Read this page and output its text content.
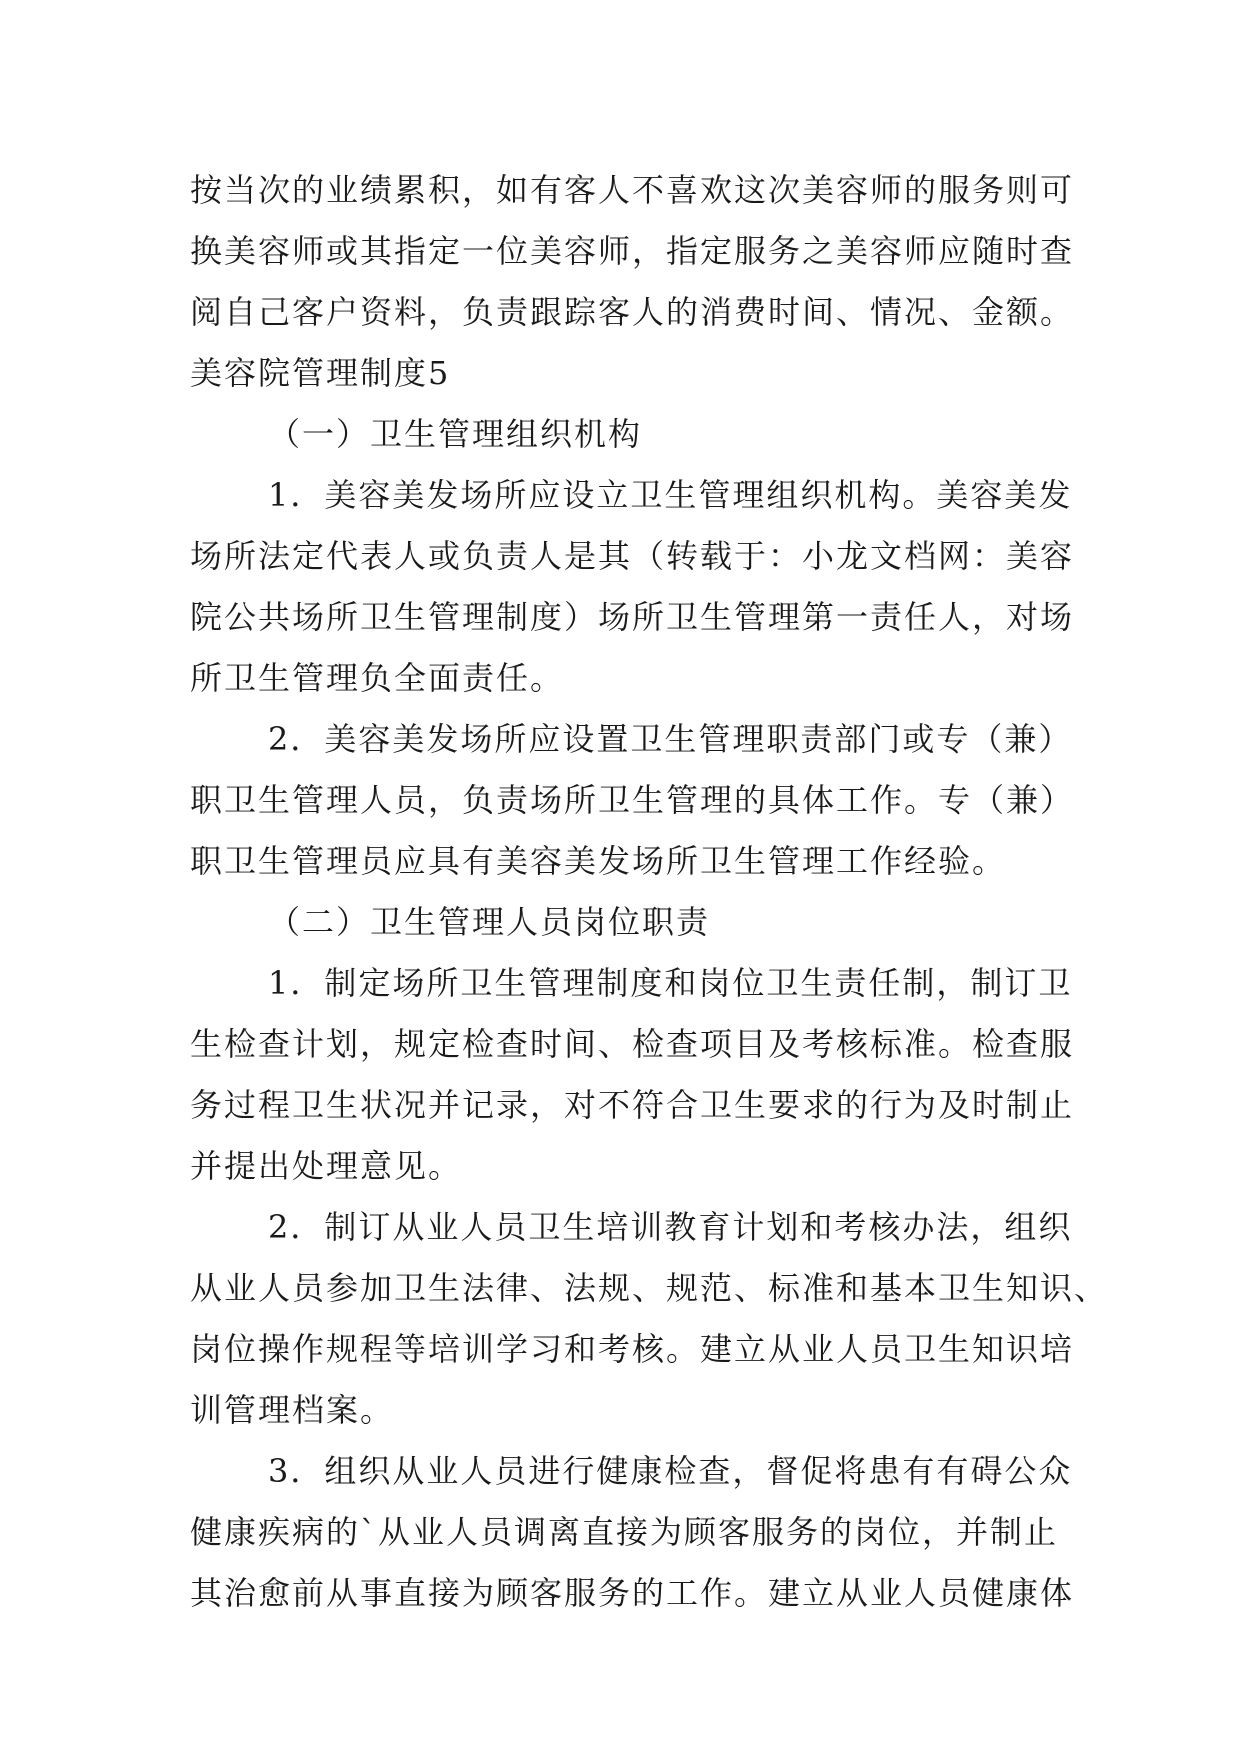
按当次的业绩累积，如有客人不喜欢这次美容师的服务则可
换美容师或其指定一位美容师，指定服务之美容师应随时查
阅自己客户资料，负责跟踪客人的消费时间、情况、金额。
美容院管理制度5
（一）卫生管理组织机构
1．美容美发场所应设立卫生管理组织机构。美容美发
场所法定代表人或负责人是其（转载于：小龙文档网：美容
院公共场所卫生管理制度）场所卫生管理第一责任人，对场
所卫生管理负全面责任。
2．美容美发场所应设置卫生管理职责部门或专（兼）
职卫生管理人员，负责场所卫生管理的具体工作。专（兼）
职卫生管理员应具有美容美发场所卫生管理工作经验。
（二）卫生管理人员岗位职责
1．制定场所卫生管理制度和岗位卫生责任制，制订卫
生检查计划，规定检查时间、检查项目及考核标准。检查服
务过程卫生状况并记录，对不符合卫生要求的行为及时制止
并提出处理意见。
2．制订从业人员卫生培训教育计划和考核办法，组织
从业人员参加卫生法律、法规、规范、标准和基本卫生知识、
岗位操作规程等培训学习和考核。建立从业人员卫生知识培
训管理档案。
3．组织从业人员进行健康检查，督促将患有有碍公众
健康疾病的`从业人员调离直接为顾客服务的岗位，并制止
其治愈前从事直接为顾客服务的工作。建立从业人员健康体
